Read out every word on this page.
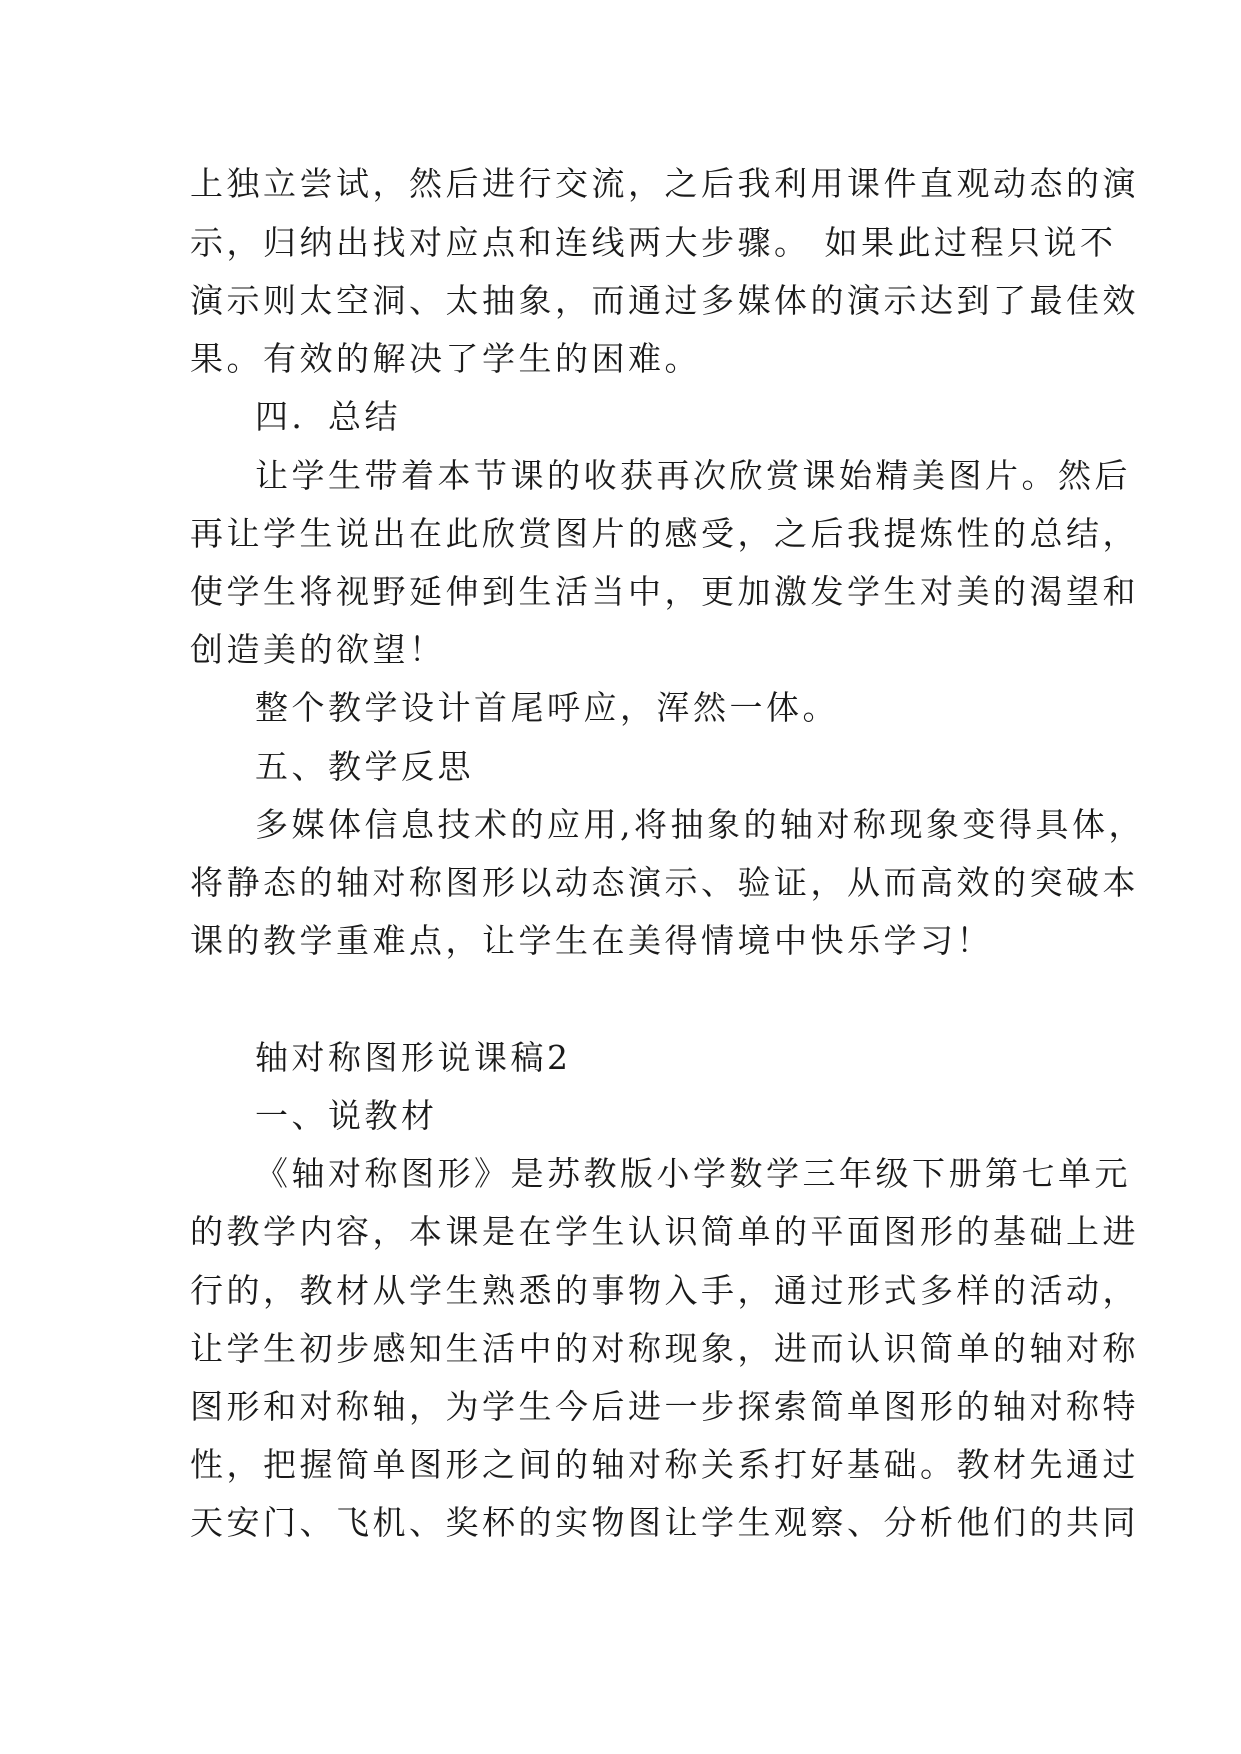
上独立尝试，然后进行交流，之后我利用课件直观动态的演
示，归纳出找对应点和连线两大步骤。 如果此过程只说不
演示则太空洞、太抽象，而通过多媒体的演示达到了最佳效
果。有效的解决了学生的困难。
四．总结
让学生带着本节课的收获再次欣赏课始精美图片。然后
再让学生说出在此欣赏图片的感受，之后我提炼性的总结，
使学生将视野延伸到生活当中，更加激发学生对美的渴望和
创造美的欲望！
整个教学设计首尾呼应，浑然一体。
五、教学反思
多媒体信息技术的应用,将抽象的轴对称现象变得具体，
将静态的轴对称图形以动态演示、验证，从而高效的突破本
课的教学重难点，让学生在美得情境中快乐学习！
轴对称图形说课稿2
一、说教材
《轴对称图形》是苏教版小学数学三年级下册第七单元
的教学内容，本课是在学生认识简单的平面图形的基础上进
行的，教材从学生熟悉的事物入手，通过形式多样的活动，
让学生初步感知生活中的对称现象，进而认识简单的轴对称
图形和对称轴，为学生今后进一步探索简单图形的轴对称特
性，把握简单图形之间的轴对称关系打好基础。教材先通过
天安门、飞机、奖杯的实物图让学生观察、分析他们的共同
